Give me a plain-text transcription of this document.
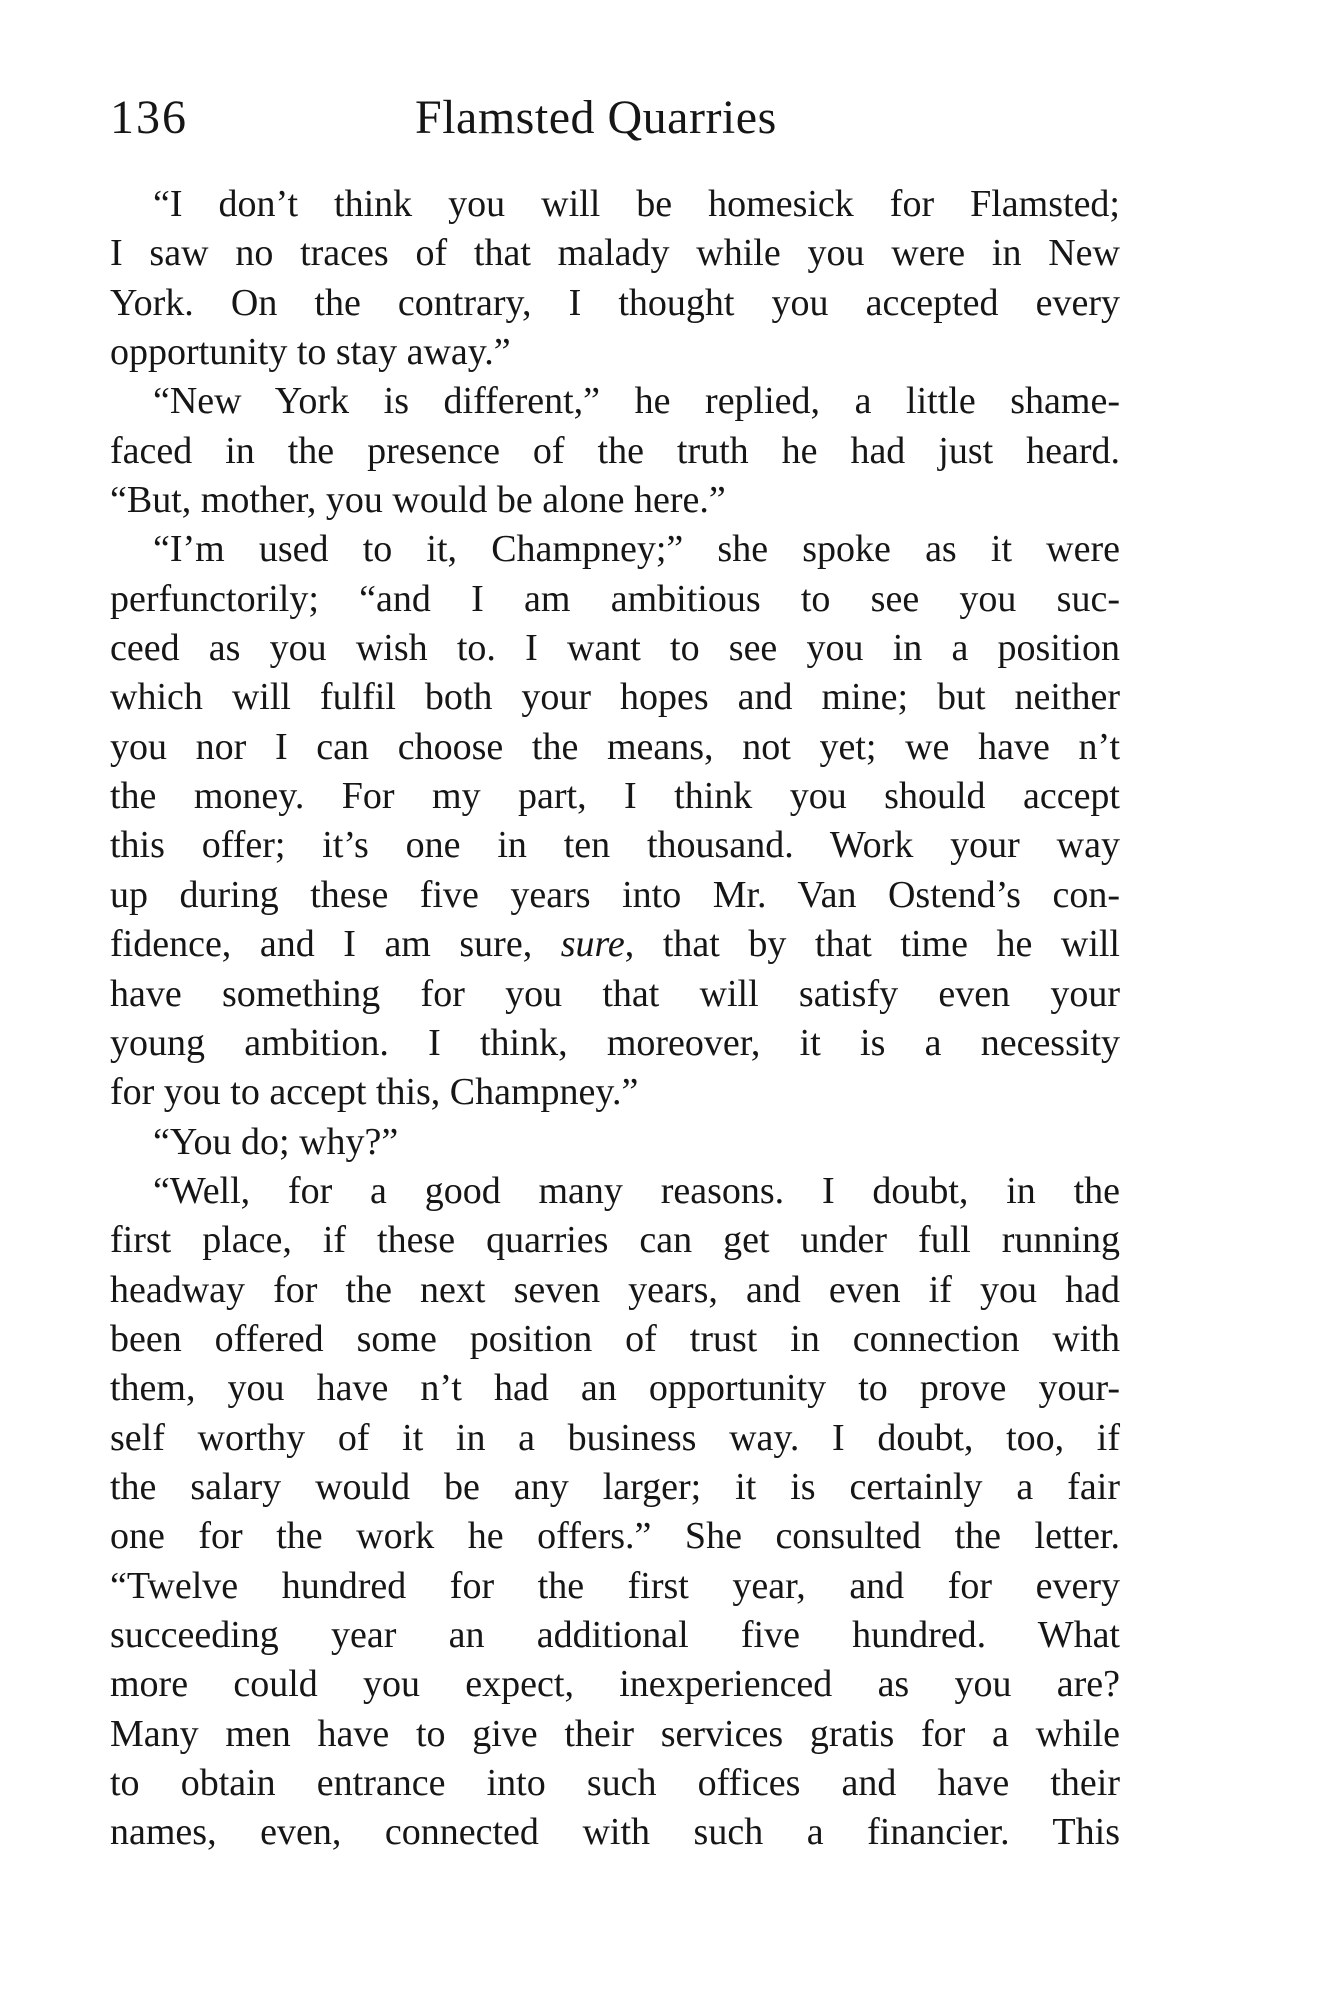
136	Flamsted Quarries
“I don’t think you will be homesick for Flamsted;
I saw no traces of that malady while you were in New
York. On the contrary, I thought you accepted every
opportunity to stay away.”
“New York is different,” he replied, a little shame-
faced in the presence of the truth he had just heard.
“But, mother, you would be alone here.”
“I’m used to it, Champney;” she spoke as it were
perfunctorily; “and I am ambitious to see you suc-
ceed as you wish to. I want to see you in a position
which will fulfil both your hopes and mine; but neither
you nor I can choose the means, not yet; we have n’t
the money. For my part, I think you should accept
this offer; it’s one in ten thousand. Work your way
up during these five years into Mr. Van Ostend’s con-
fidence, and I am sure, sure, that by that time he will
have something for you that will satisfy even your
young ambition. I think, moreover, it is a necessity
for you to accept this, Champney.”
“You do; why?”
“Well, for a good many reasons. I doubt, in the
first place, if these quarries can get under full running
headway for the next seven years, and even if you had
been offered some position of trust in connection with
them, you have n’t had an opportunity to prove your-
self worthy of it in a business way. I doubt, too, if
the salary would be any larger; it is certainly a fair
one for the work he offers.” She consulted the letter.
“Twelve hundred for the first year, and for every
succeeding year an additional five hundred. What
more could you expect, inexperienced as you are?
Many men have to give their services gratis for a while
to obtain entrance into such offices and have their
names, even, connected with such a financier. This
